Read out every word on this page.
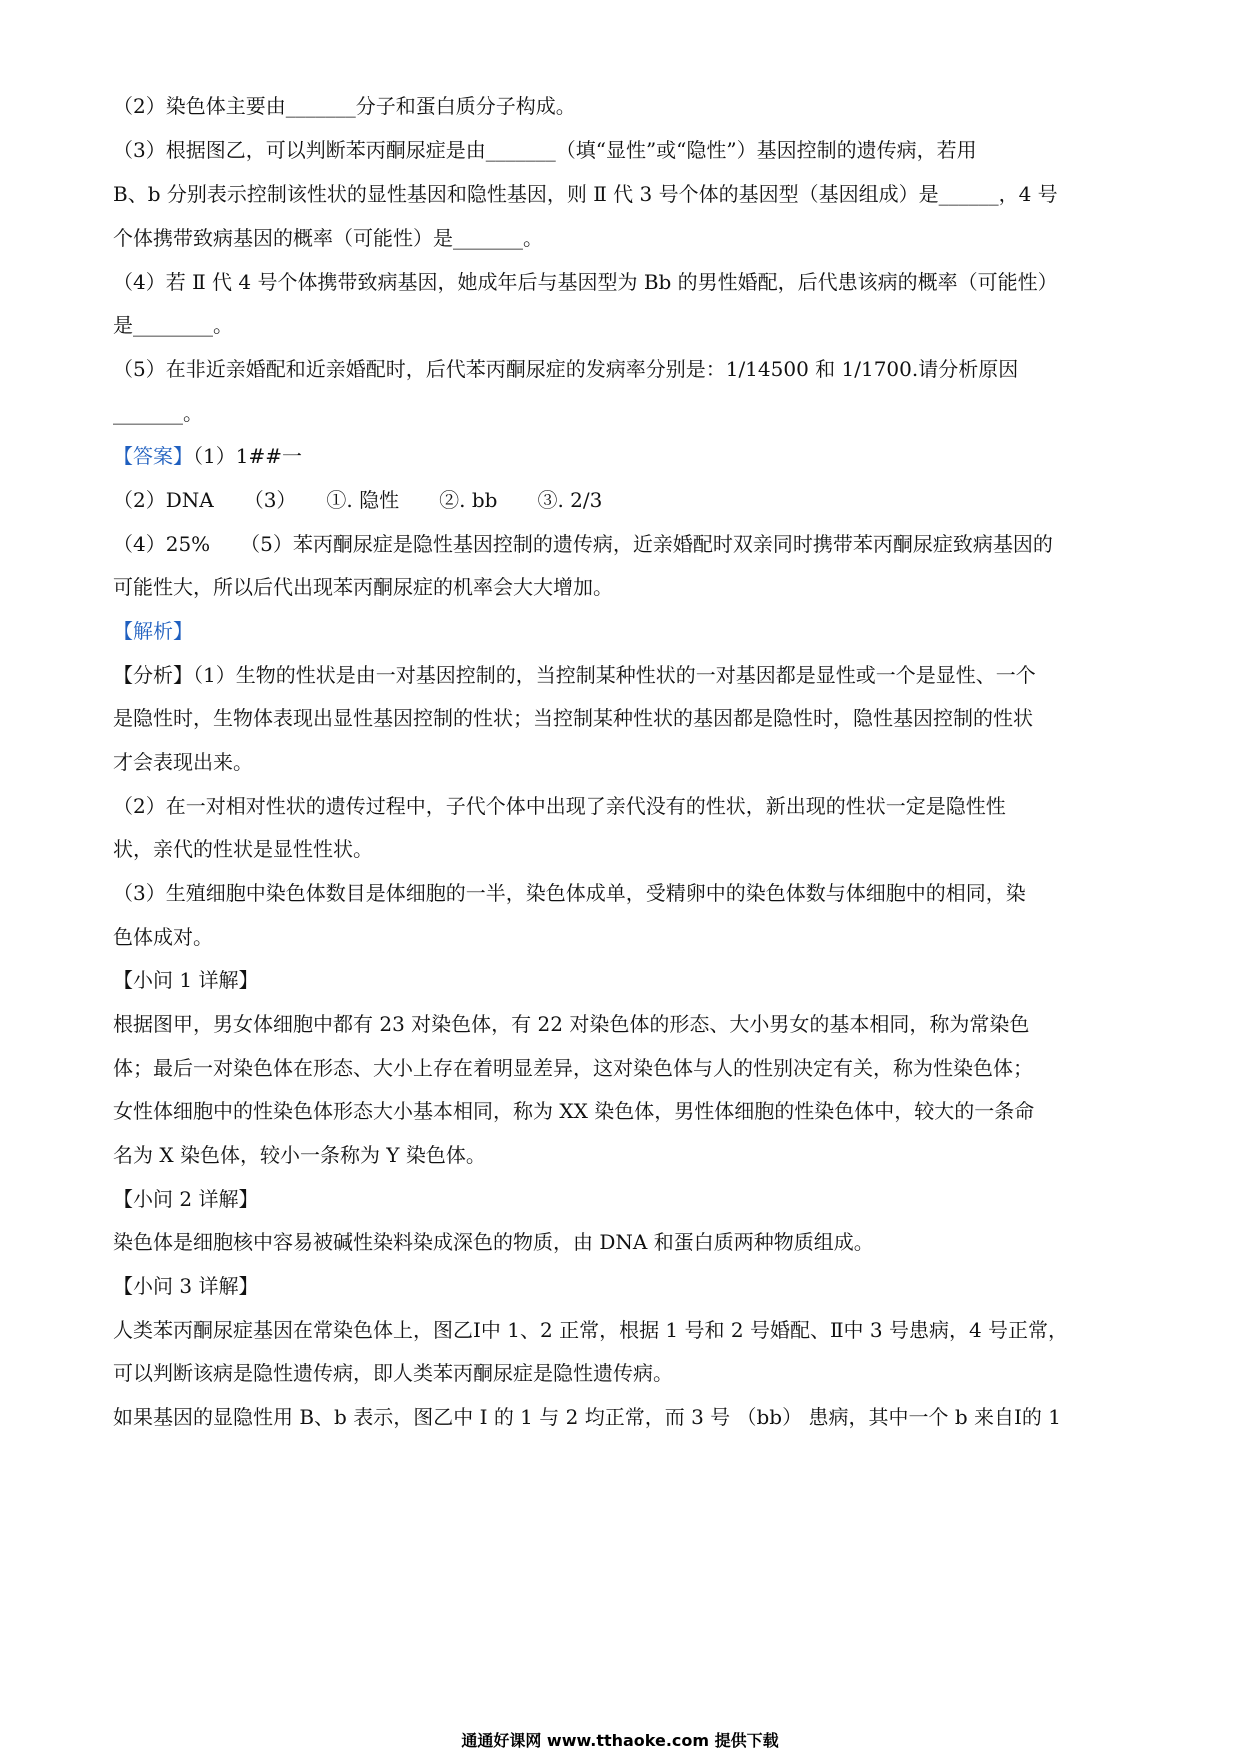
（2）染色体主要由_______分子和蛋白质分子构成。
（3）根据图乙，可以判断苯丙酮尿症是由_______（填“显性”或“隐性”）基因控制的遗传病，若用
B、b 分别表示控制该性状的显性基因和隐性基因，则 Ⅱ 代 3 号个体的基因型（基因组成）是______，4 号
个体携带致病基因的概率（可能性）是_______。
（4）若 Ⅱ 代 4 号个体携带致病基因，她成年后与基因型为 Bb 的男性婚配，后代患该病的概率（可能性）
是________。
（5）在非近亲婚配和近亲婚配时，后代苯丙酮尿症的发病率分别是：1/14500 和 1/1700.请分析原因
_______。
【答案】（1）1##一
（2）DNA　　（3）　　①. 隐性　　②. bb　　③. 2/3
（4）25%　　（5）苯丙酮尿症是隐性基因控制的遗传病，近亲婚配时双亲同时携带苯丙酮尿症致病基因的
可能性大，所以后代出现苯丙酮尿症的机率会大大增加。
【解析】
【分析】（1）生物的性状是由一对基因控制的，当控制某种性状的一对基因都是显性或一个是显性、一个
是隐性时，生物体表现出显性基因控制的性状；当控制某种性状的基因都是隐性时，隐性基因控制的性状
才会表现出来。
（2）在一对相对性状的遗传过程中，子代个体中出现了亲代没有的性状，新出现的性状一定是隐性性
状，亲代的性状是显性性状。
（3）生殖细胞中染色体数目是体细胞的一半，染色体成单，受精卵中的染色体数与体细胞中的相同，染
色体成对。
【小问 1 详解】
根据图甲，男女体细胞中都有 23 对染色体，有 22 对染色体的形态、大小男女的基本相同，称为常染色
体；最后一对染色体在形态、大小上存在着明显差异，这对染色体与人的性别决定有关，称为性染色体；
女性体细胞中的性染色体形态大小基本相同，称为 XX 染色体，男性体细胞的性染色体中，较大的一条命
名为 X 染色体，较小一条称为 Y 染色体。
【小问 2 详解】
染色体是细胞核中容易被碱性染料染成深色的物质，由 DNA 和蛋白质两种物质组成。
【小问 3 详解】
人类苯丙酮尿症基因在常染色体上，图乙Ⅰ中 1、2 正常，根据 1 号和 2 号婚配、Ⅱ中 3 号患病，4 号正常，
可以判断该病是隐性遗传病，即人类苯丙酮尿症是隐性遗传病。
如果基因的显隐性用 B、b 表示，图乙中 Ⅰ 的 1 与 2 均正常，而 3 号 （bb） 患病，其中一个 b 来自Ⅰ的 1
通通好课网 www.tthaoke.com 提供下载
